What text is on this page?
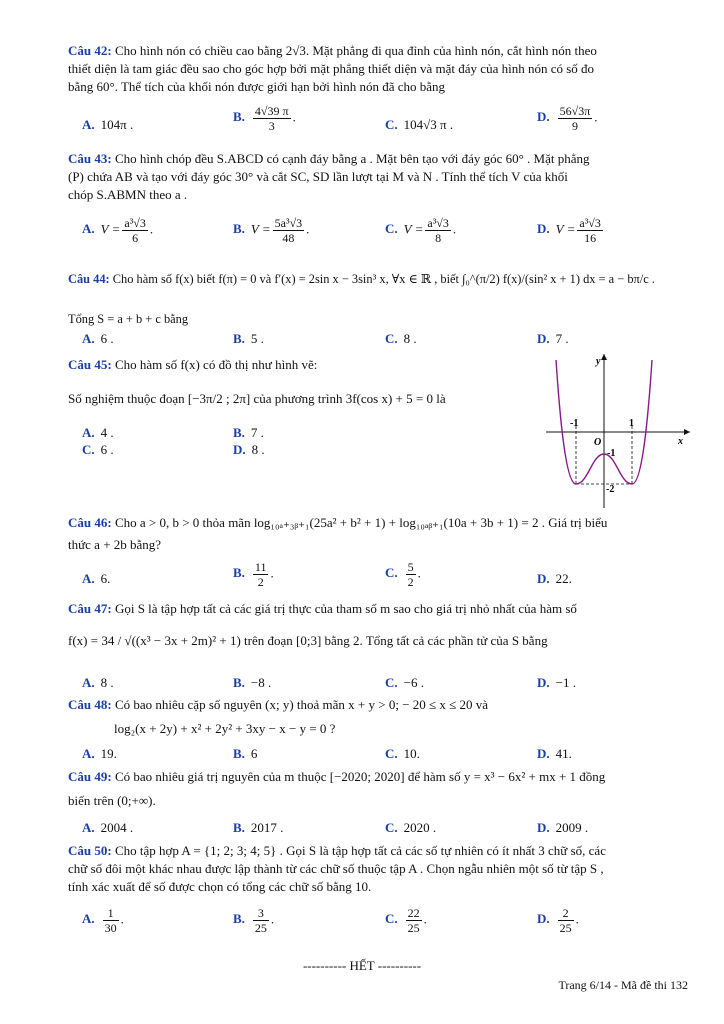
Câu 42: Cho hình nón có chiều cao bằng 2√3. Mặt phẳng đi qua đỉnh của hình nón, cắt hình nón theo
thiết diện là tam giác đều sao cho góc hợp bởi mặt phẳng thiết diện và mặt đáy của hình nón có số đo
bằng 60°. Thể tích của khối nón được giới hạn bởi hình nón đã cho bằng
A. 104π .
B. $\frac{4√39 \pi}{3}$ .
C. 104√3 π .
D. $\frac{56√3\pi}{9}$ .
Câu 43: Cho hình chóp đều S.ABCD có cạnh đáy bằng a . Mặt bên tạo với đáy góc 60° . Mặt phẳng
(P) chứa AB và tạo với đáy góc 30° và cắt SC, SD lần lượt tại M và N . Tính thể tích V của khối
chóp S.ABMN theo a .
A. $V = \frac{\text{a³√3}}{6}$ .	B. $V = \frac{\text{5a³√3}}{48}$ .	C. $V = \frac{\text{a³√3}}{8}$ .	D. $V = \frac{\text{a³√3}}{16}$
Câu 44: Cho hàm số f(x) biết f(π) = 0 và f′(x) = 2sin x − 3sin³ x, ∀x ∈ ℝ , biết ∫₀^(π/2) f(x)/(sin² x + 1) dx = a − bπ/c .
Tổng S = a + b + c bằng
A. 6 .	B. 5 .	C. 8 .	D. 7 .
Câu 45: Cho hàm số f(x) có đồ thị như hình vẽ:
Số nghiệm thuộc đoạn [−3π/2 ; 2π] của phương trình 3f(cos x) + 5 = 0 là
A. 4 .	B. 7 .
C. 6 .	D. 8 .
y
x
O
-1	1
-1
-2
Câu 46: Cho a > 0, b > 0 thỏa mãn log₁₀ₐ₊₃ᵦ₊₁(25a² + b² + 1) + log₁₀ₐᵦ₊₁(10a + 3b + 1) = 2 . Giá trị biểu
thức a + 2b bằng?
A. 6.	B. $\frac{11}{2}$ .	C. $\frac{5}{2}$ .	D. 22.
Câu 47: Gọi S là tập hợp tất cả các giá trị thực của tham số m sao cho giá trị nhỏ nhất của hàm số
f(x) = 34 / √((x³ − 3x + 2m)² + 1) trên đoạn [0;3] bằng 2. Tổng tất cả các phần tử của S bằng
A. 8 .	B. −8 .	C. −6 .	D. −1 .
Câu 48: Có bao nhiêu cặp số nguyên (x; y) thoả mãn x + y > 0; − 20 ≤ x ≤ 20 và
log₂(x + 2y) + x² + 2y² + 3xy − x − y = 0 ?
A. 19.	B. 6	C. 10.	D. 41.
Câu 49: Có bao nhiêu giá trị nguyên của m thuộc [−2020; 2020] để hàm số y = x³ − 6x² + mx + 1 đồng
biến trên (0;+∞).
A. 2004 .	B. 2017 .	C. 2020 .	D. 2009 .
Câu 50: Cho tập hợp A = {1; 2; 3; 4; 5} . Gọi S là tập hợp tất cả các số tự nhiên có ít nhất 3 chữ số, các
chữ số đôi một khác nhau được lập thành từ các chữ số thuộc tập A . Chọn ngẫu nhiên một số từ tập S ,
tính xác xuất để số được chọn có tổng các chữ số bằng 10.
A. $\frac{1}{30}$ .	B. $\frac{3}{25}$ .	C. $\frac{22}{25}$ .	D. $\frac{2}{25}$ .
---------- HẾT ----------
Trang 6/14 - Mã đề thi 132
